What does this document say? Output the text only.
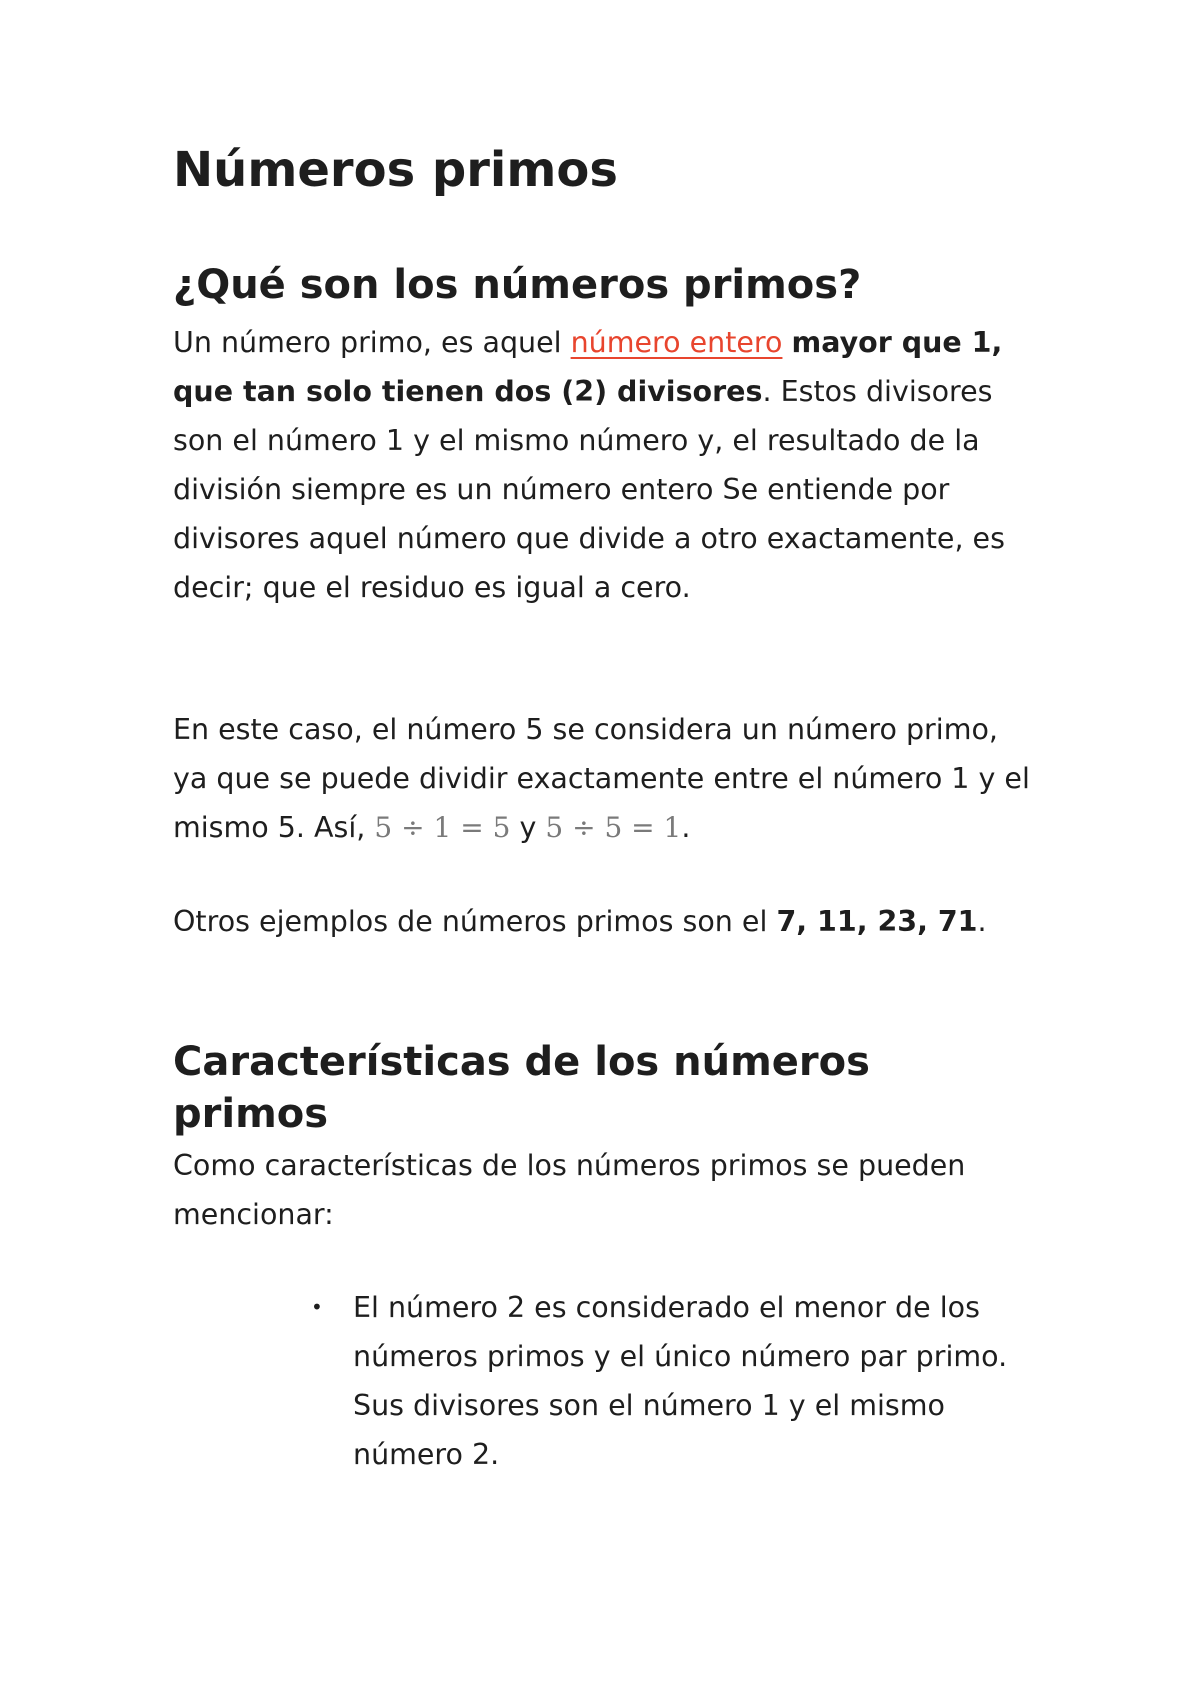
Números primos
¿Qué son los números primos?

Un número primo, es aquel número entero mayor que 1, que tan solo tienen dos (2) divisores. Estos divisores son el número 1 y el mismo número y, el resultado de la división siempre es un número entero Se entiende por divisores aquel número que divide a otro exactamente, es decir; que el residuo es igual a cero.

En este caso, el número 5 se considera un número primo, ya que se puede dividir exactamente entre el número 1 y el mismo 5. Así, 5 ÷ 1 = 5 y 5 ÷ 5 = 1.

Otros ejemplos de números primos son el 7, 11, 23, 71.

Características de los números primos

Como características de los números primos se pueden mencionar:

• El número 2 es considerado el menor de los números primos y el único número par primo. Sus divisores son el número 1 y el mismo número 2.
